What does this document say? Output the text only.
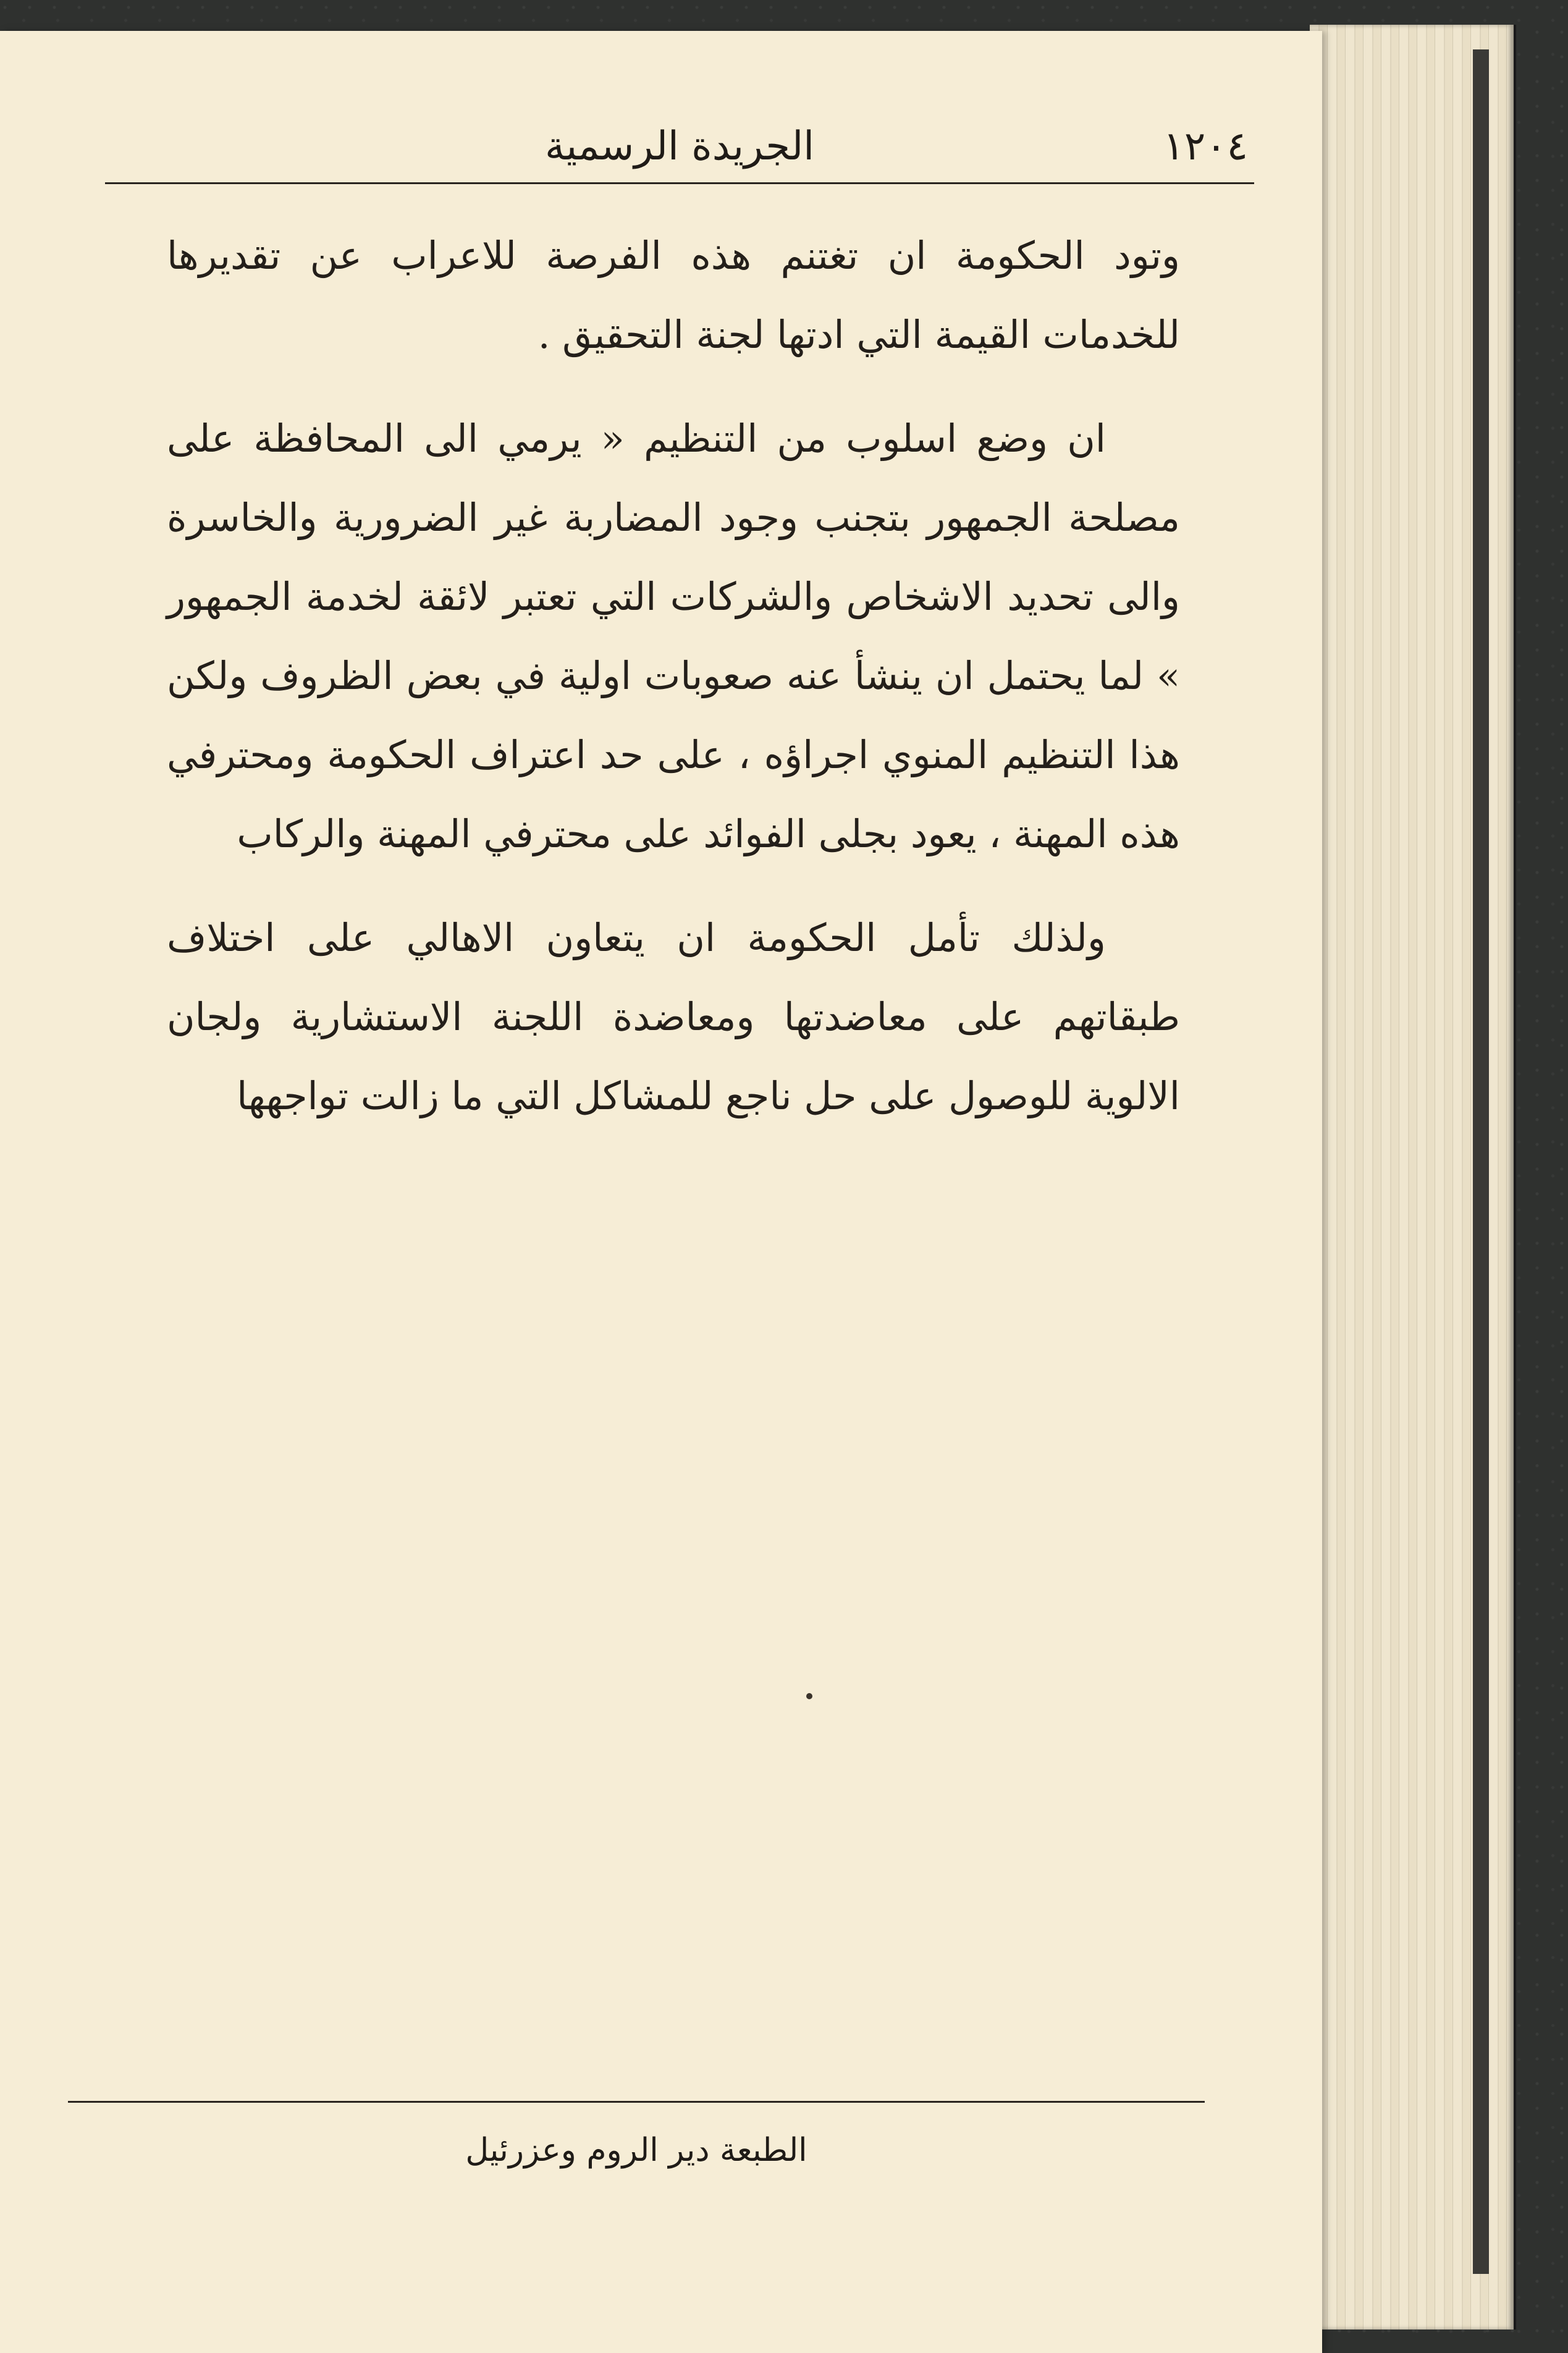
١٢٠٤
الجريدة الرسمية

وتود الحكومة ان تغتنم هذه الفرصة للاعراب عن تقديرها للخدمات القيمة التي ادتها لجنة التحقيق .

ان وضع اسلوب من التنظيم « يرمي الى المحافظة على مصلحة الجمهور بتجنب وجود المضاربة غير الضرورية والخاسرة والى تحديد الاشخاص والشركات التي تعتبر لائقة لخدمة الجمهور » لما يحتمل ان ينشأ عنه صعوبات اولية في بعض الظروف ولكن هذا التنظيم المنوي اجراؤه ، على حد اعتراف الحكومة ومحترفي هذه المهنة ، يعود بجلى الفوائد على محترفي المهنة والركاب

ولذلك تأمل الحكومة ان يتعاون الاهالي على اختلاف طبقاتهم على معاضدتها ومعاضدة اللجنة الاستشارية ولجان الالوية للوصول على حل ناجع للمشاكل التي ما زالت تواجهها

الطبعة دير الروم وعزرئيل
